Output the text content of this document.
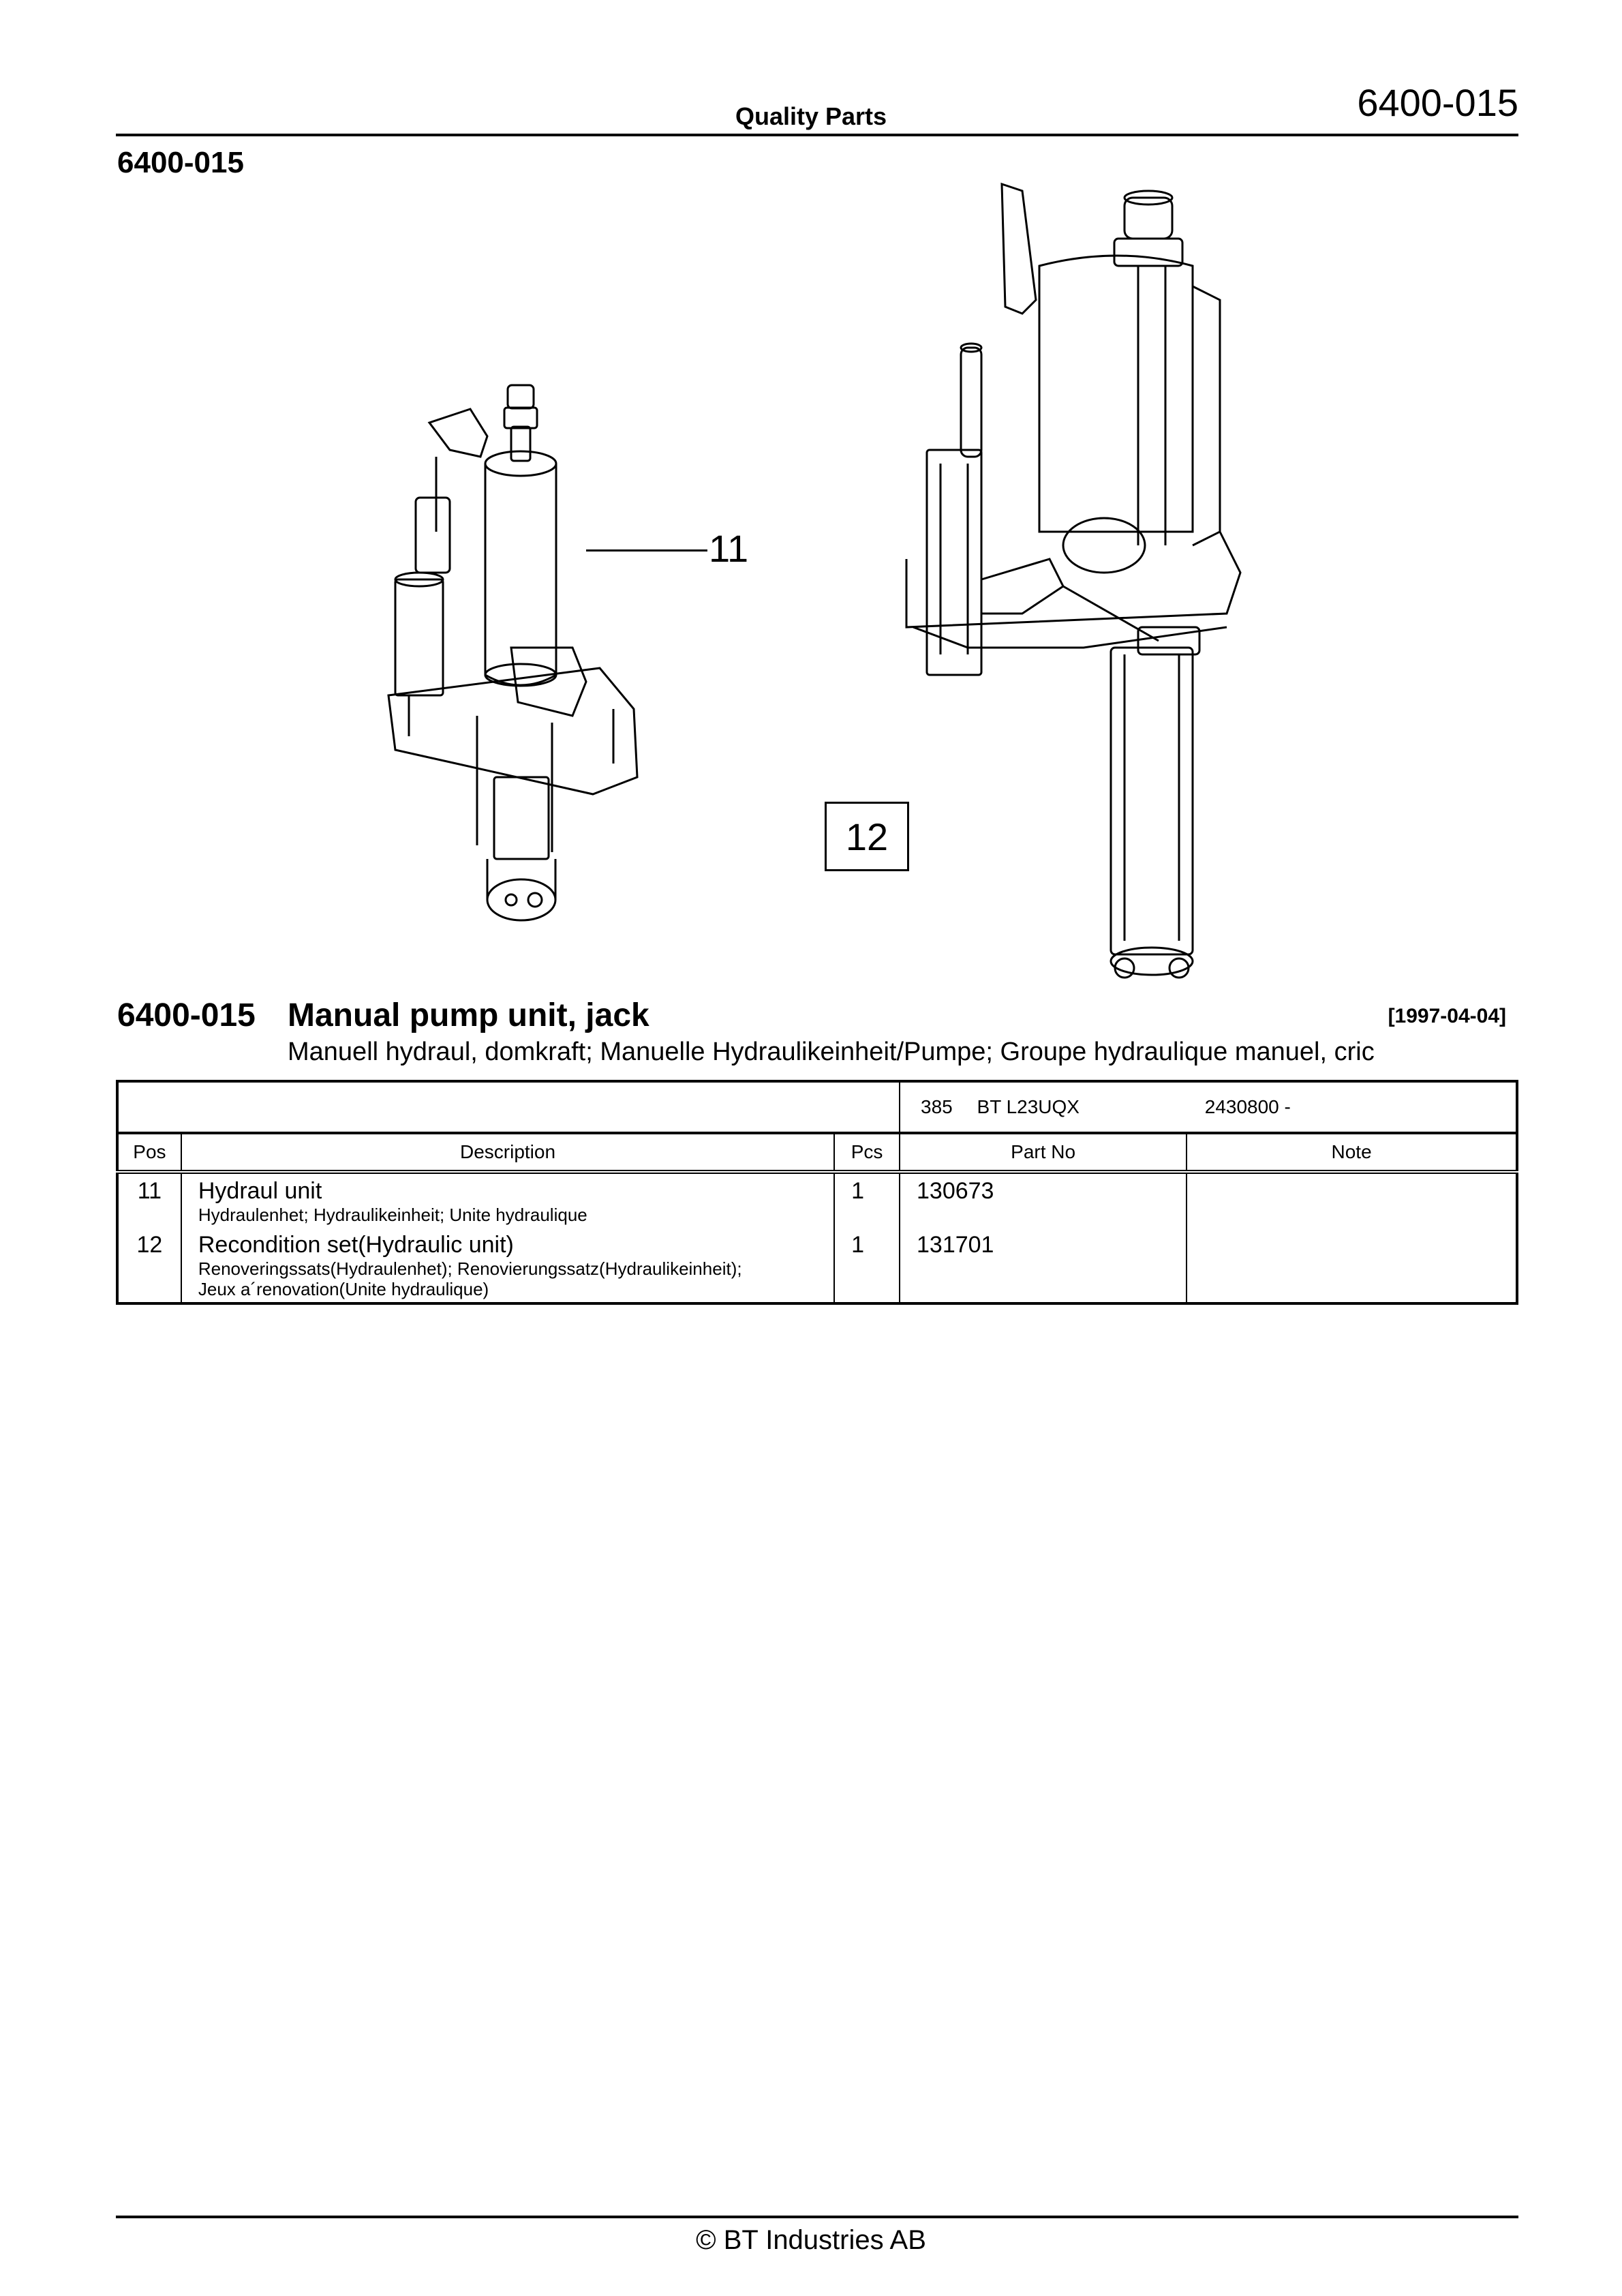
Quality Parts	6400-015
6400-015
11
12
6400-015 Manual pump unit, jack	[1997-04-04]
Manuell hydraul, domkraft; Manuelle Hydraulikeinheit/Pumpe; Groupe hydraulique manuel, cric
			385 BT L23UQX 2430800 -	
Pos	Description	Pcs	Part No	Note
11	Hydraul unit
Hydraulenhet; Hydraulikeinheit; Unite hydraulique	1	130673	
12	Recondition set(Hydraulic unit)
Renoveringssats(Hydraulenhet); Renovierungssatz(Hydraulikeinheit);
Jeux a´renovation(Unite hydraulique)	1	131701	
© BT Industries AB
